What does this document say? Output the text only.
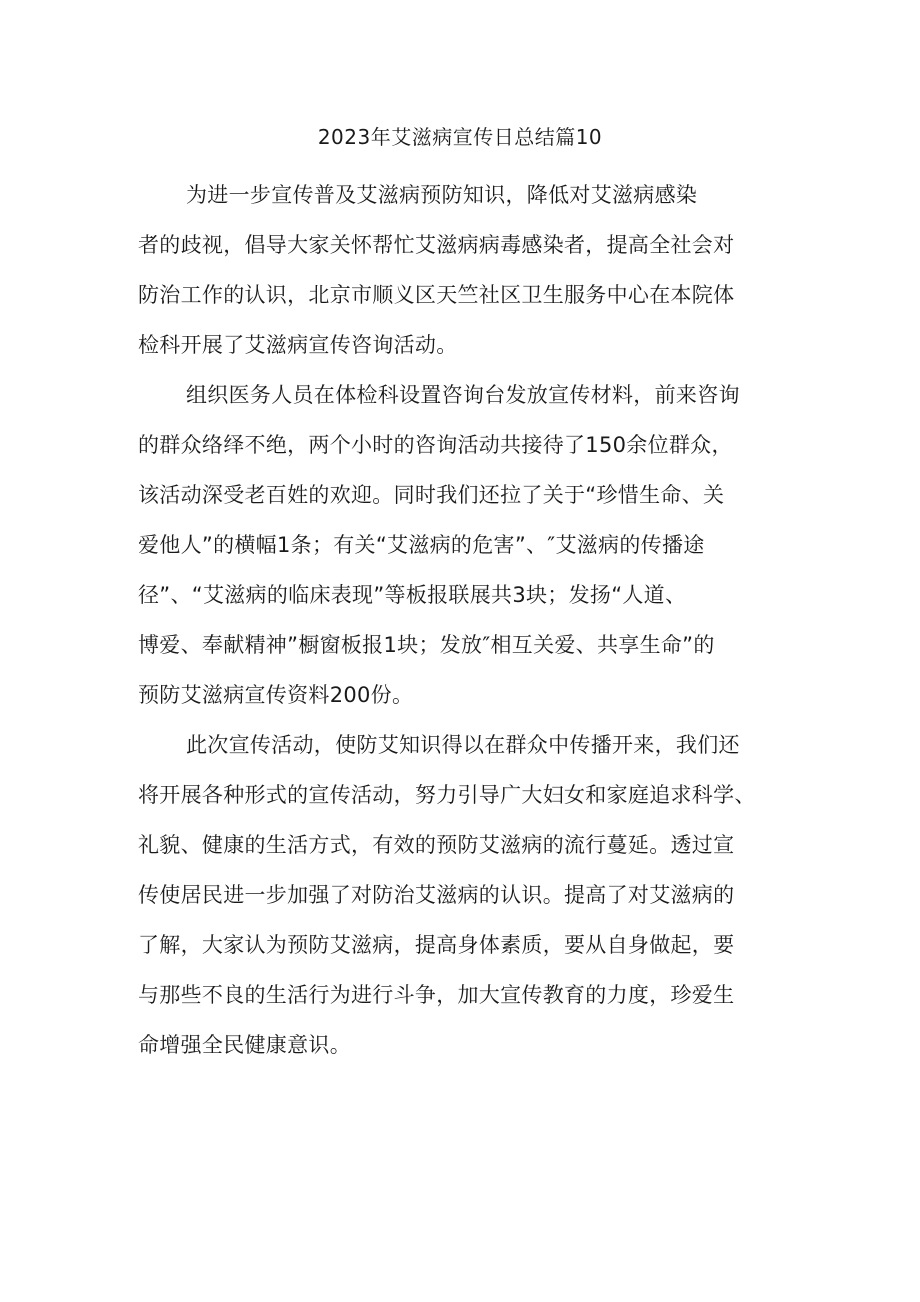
2023年艾滋病宣传日总结篇10
为进一步宣传普及艾滋病预防知识，降低对艾滋病感染
者的歧视，倡导大家关怀帮忙艾滋病病毒感染者，提高全社会对
防治工作的认识，北京市顺义区天竺社区卫生服务中心在本院体
检科开展了艾滋病宣传咨询活动。
组织医务人员在体检科设置咨询台发放宣传材料，前来咨询
的群众络绎不绝，两个小时的咨询活动共接待了150余位群众，
该活动深受老百姓的欢迎。同时我们还拉了关于“珍惜生命、关
爱他人”的横幅1条；有关“艾滋病的危害”、″艾滋病的传播途
径”、“艾滋病的临床表现”等板报联展共3块；发扬“人道、
博爱、奉献精神”橱窗板报1块；发放″相互关爱、共享生命”的
预防艾滋病宣传资料200份。
此次宣传活动，使防艾知识得以在群众中传播开来，我们还
将开展各种形式的宣传活动，努力引导广大妇女和家庭追求科学、
礼貌、健康的生活方式，有效的预防艾滋病的流行蔓延。透过宣
传使居民进一步加强了对防治艾滋病的认识。提高了对艾滋病的
了解，大家认为预防艾滋病，提高身体素质，要从自身做起，要
与那些不良的生活行为进行斗争，加大宣传教育的力度，珍爱生
命增强全民健康意识。
